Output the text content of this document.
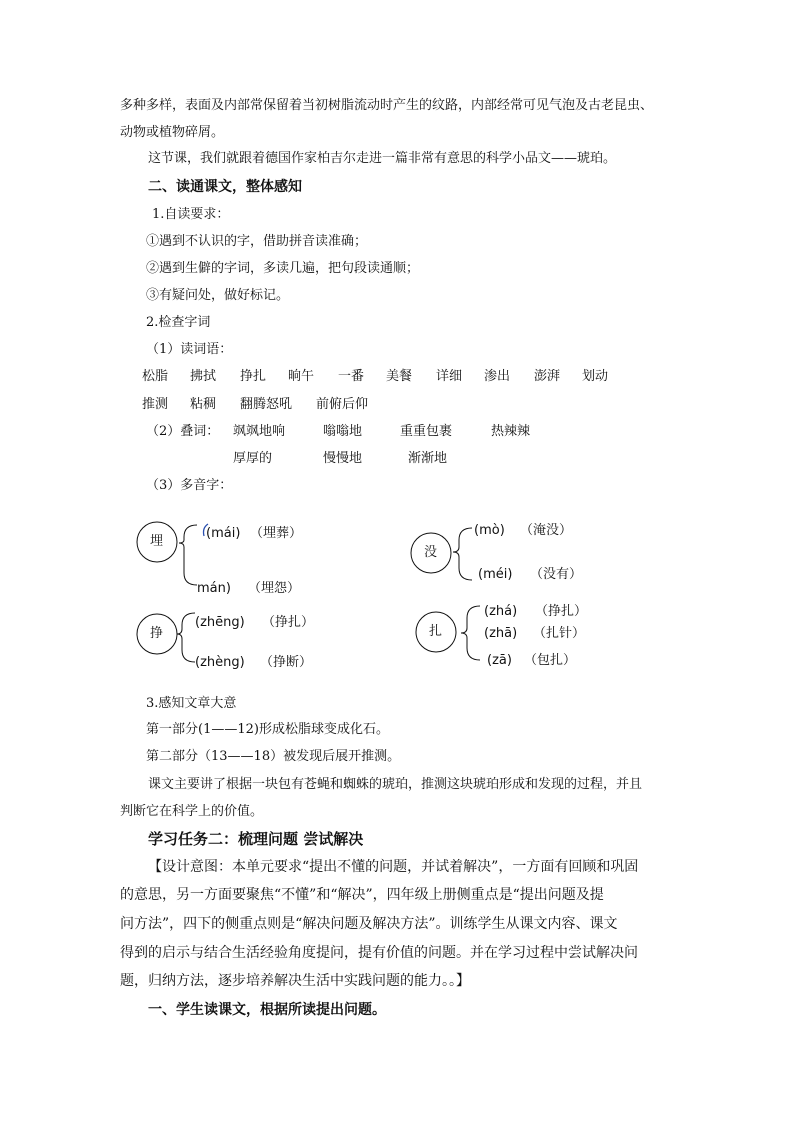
多种多样，表面及内部常保留着当初树脂流动时产生的纹路，内部经常可见气泡及古老昆虫、
动物或植物碎屑。
这节课，我们就跟着德国作家柏吉尔走进一篇非常有意思的科学小品文——琥珀。
二、读通课文，整体感知
1.自读要求：
①遇到不认识的字，借助拼音读准确；
②遇到生僻的字词，多读几遍，把句段读通顺；
③有疑问处，做好标记。
2.检查字词
（1）读词语：
松脂 拂拭 挣扎 晌午 一番 美餐 详细 渗出 澎湃 划动
推测 粘稠 翻腾怒吼 前俯后仰
（2）叠词： 飒飒地响	嗡嗡地	重重包裹	热辣辣
厚厚的	慢慢地	渐渐地
（3）多音字：
埋
没
挣	扎
(mái) （埋葬）
mán) （埋怨）
(mò) （淹没）
(méi) （没有）
(zhēng) （挣扎）
(zhèng) （挣断）
(zhá) （挣扎）
(zhā) （扎针）
(zā) （包扎）
3.感知文章大意
第一部分(1——12)形成松脂球变成化石。
第二部分（13——18）被发现后展开推测。
课文主要讲了根据一块包有苍蝇和蜘蛛的琥珀，推测这块琥珀形成和发现的过程，并且
判断它在科学上的价值。
学习任务二：梳理问题 尝试解决
【设计意图：本单元要求“提出不懂的问题，并试着解决”，一方面有回顾和巩固
的意思，另一方面要聚焦“不懂”和“解决”，四年级上册侧重点是“提出问题及提
问方法”，四下的侧重点则是“解决问题及解决方法”。训练学生从课文内容、课文
得到的启示与结合生活经验角度提问，提有价值的问题。并在学习过程中尝试解决问
题，归纳方法，逐步培养解决生活中实践问题的能力。。】
一、学生读课文，根据所读提出问题。
